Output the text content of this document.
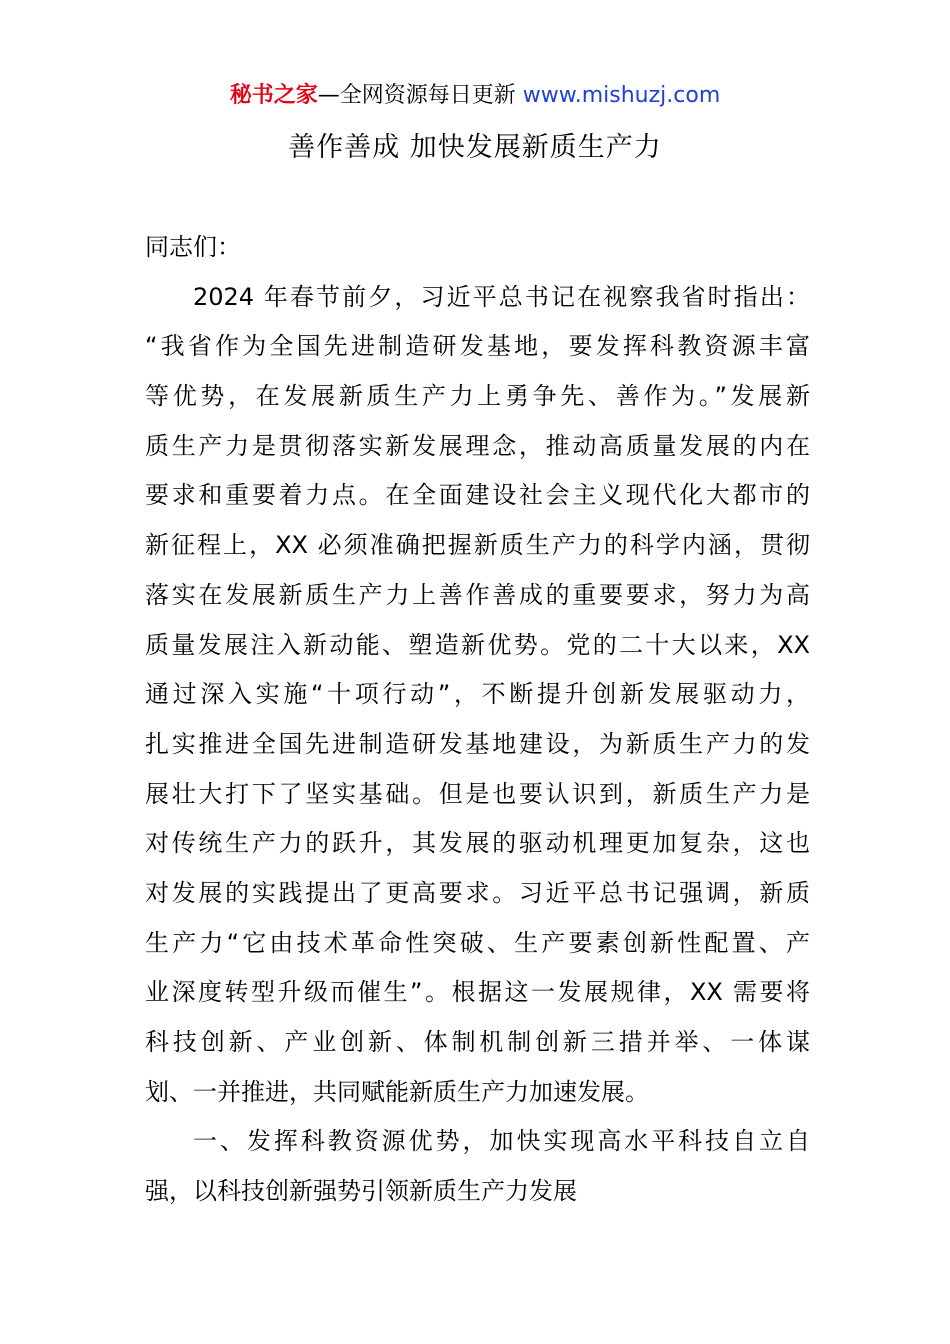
秘书之家—全网资源每日更新 www.mishuzj.com
善作善成 加快发展新质生产力
同志们：
2024 年春节前夕，习近平总书记在视察我省时指出：
“我省作为全国先进制造研发基地，要发挥科教资源丰富
等优势，在发展新质生产力上勇争先、善作为。”发展新
质生产力是贯彻落实新发展理念，推动高质量发展的内在
要求和重要着力点。在全面建设社会主义现代化大都市的
新征程上，XX 必须准确把握新质生产力的科学内涵，贯彻
落实在发展新质生产力上善作善成的重要要求，努力为高
质量发展注入新动能、塑造新优势。党的二十大以来，XX
通过深入实施“十项行动”，不断提升创新发展驱动力，
扎实推进全国先进制造研发基地建设，为新质生产力的发
展壮大打下了坚实基础。但是也要认识到，新质生产力是
对传统生产力的跃升，其发展的驱动机理更加复杂，这也
对发展的实践提出了更高要求。习近平总书记强调，新质
生产力“它由技术革命性突破、生产要素创新性配置、产
业深度转型升级而催生”。根据这一发展规律，XX 需要将
科技创新、产业创新、体制机制创新三措并举、一体谋
划、一并推进，共同赋能新质生产力加速发展。
一、发挥科教资源优势，加快实现高水平科技自立自
强，以科技创新强势引领新质生产力发展
